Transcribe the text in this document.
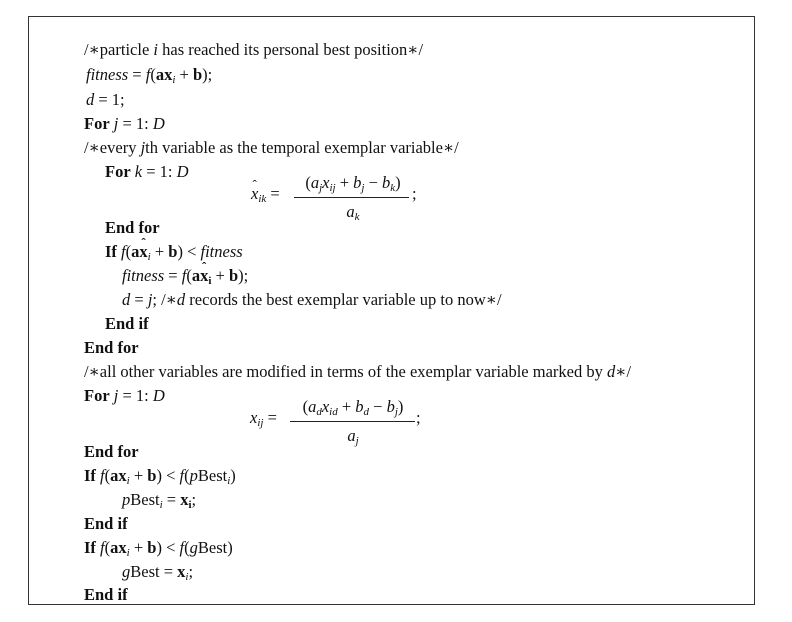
/∗particle i has reached its personal best position∗/
fitness = $f(ax_i + b)$;
d = 1;
For j = 1: D
/∗every jth variable as the temporal exemplar variable∗/
For k = 1: D
ˆ $x_{ik}$ =
$(a_jx_{ij} + b_j - b_k)$
$a_k$
;
End for
If f(aˆ $x_i + b$) < fitness
fitness = f(aˆ xi + b);
d = j; /∗d records the best exemplar variable up to now∗/
End if
End for
/∗all other variables are modified in terms of the exemplar variable marked by d∗/
For j = 1: D
$x_{ij}$ =
$(a_dx_{id} + b_d - b_j)$
$a_j$
;
End for
If $f(ax_i + b)$ < f(pBest$_i$)
pBest$_i$ = xi;
End if
If $f(ax_i + b)$ < f(gBest)
gBest = $x_i$;
End if
